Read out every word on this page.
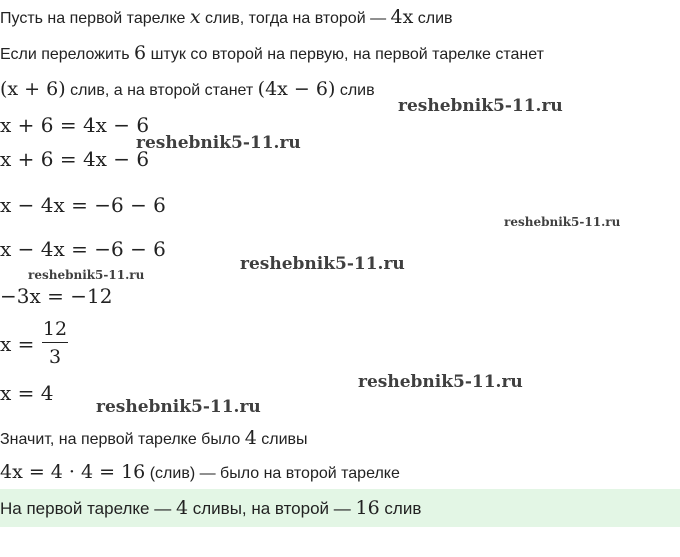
Пусть на первой тарелке x слив, тогда на второй — 4x слив
Если переложить 6 штук со второй на первую, на первой тарелке станет
(x + 6) слив, а на второй станет (4x − 6) слив
x + 6 = 4x − 6
x + 6 = 4x − 6
x − 4x = −6 − 6
x − 4x = −6 − 6
−3x = −12
x =
12
3
x = 4
Значит, на первой тарелке было 4 сливы
4x = 4 · 4 = 16 (слив) — было на второй тарелке
На первой тарелке — 4 сливы, на второй — 16 слив
reshebnik5-11.ru
reshebnik5-11.ru
reshebnik5-11.ru
reshebnik5-11.ru
reshebnik5-11.ru
reshebnik5-11.ru
reshebnik5-11.ru
